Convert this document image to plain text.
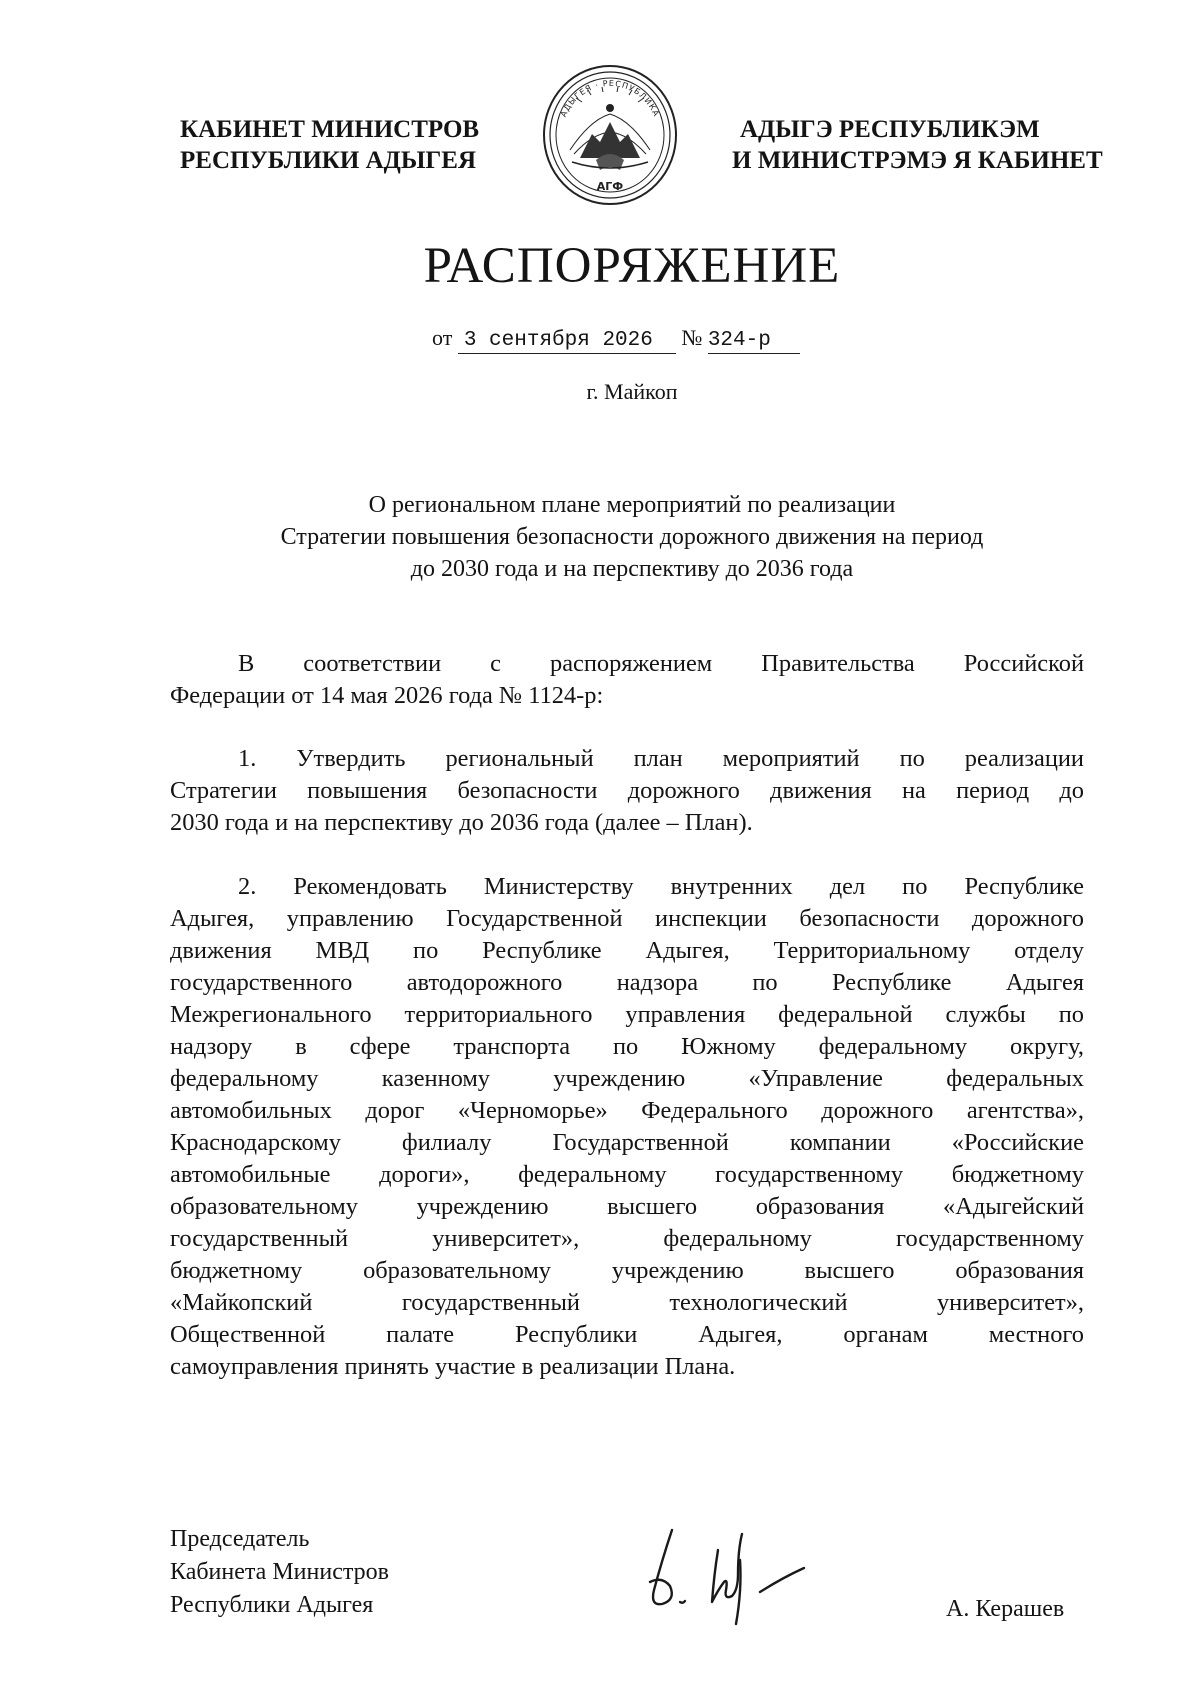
КАБИНЕТ МИНИСТРОВ
РЕСПУБЛИКИ АДЫГЕЯ
АДЫГЕЯ · РЕСПУБЛИКА
АГФ
АДЫГЭ РЕСПУБЛИКЭМ
И МИНИСТРЭМЭ Я КАБИНЕТ
РАСПОРЯЖЕНИЕ
от 3 сентября 2026 № 324-р
г. Майкоп
О региональном плане мероприятий по реализации
Стратегии повышения безопасности дорожного движения на период
до 2030 года и на перспективу до 2036 года
В соответствии с распоряжением Правительства Российской
Федерации от 14 мая 2026 года № 1124-р:
1. Утвердить региональный план мероприятий по реализации
Стратегии повышения безопасности дорожного движения на период до
2030 года и на перспективу до 2036 года (далее – План).
2. Рекомендовать Министерству внутренних дел по Республике
Адыгея, управлению Государственной инспекции безопасности дорожного
движения МВД по Республике Адыгея, Территориальному отделу
государственного автодорожного надзора по Республике Адыгея
Межрегионального территориального управления федеральной службы по
надзору в сфере транспорта по Южному федеральному округу,
федеральному казенному учреждению «Управление федеральных
автомобильных дорог «Черноморье» Федерального дорожного агентства»,
Краснодарскому филиалу Государственной компании «Российские
автомобильные дороги», федеральному государственному бюджетному
образовательному учреждению высшего образования «Адыгейский
государственный университет», федеральному государственному
бюджетному образовательному учреждению высшего образования
«Майкопский государственный технологический университет»,
Общественной палате Республики Адыгея, органам местного
самоуправления принять участие в реализации Плана.
Председатель
Кабинета Министров
Республики Адыгея	А. Керашев
